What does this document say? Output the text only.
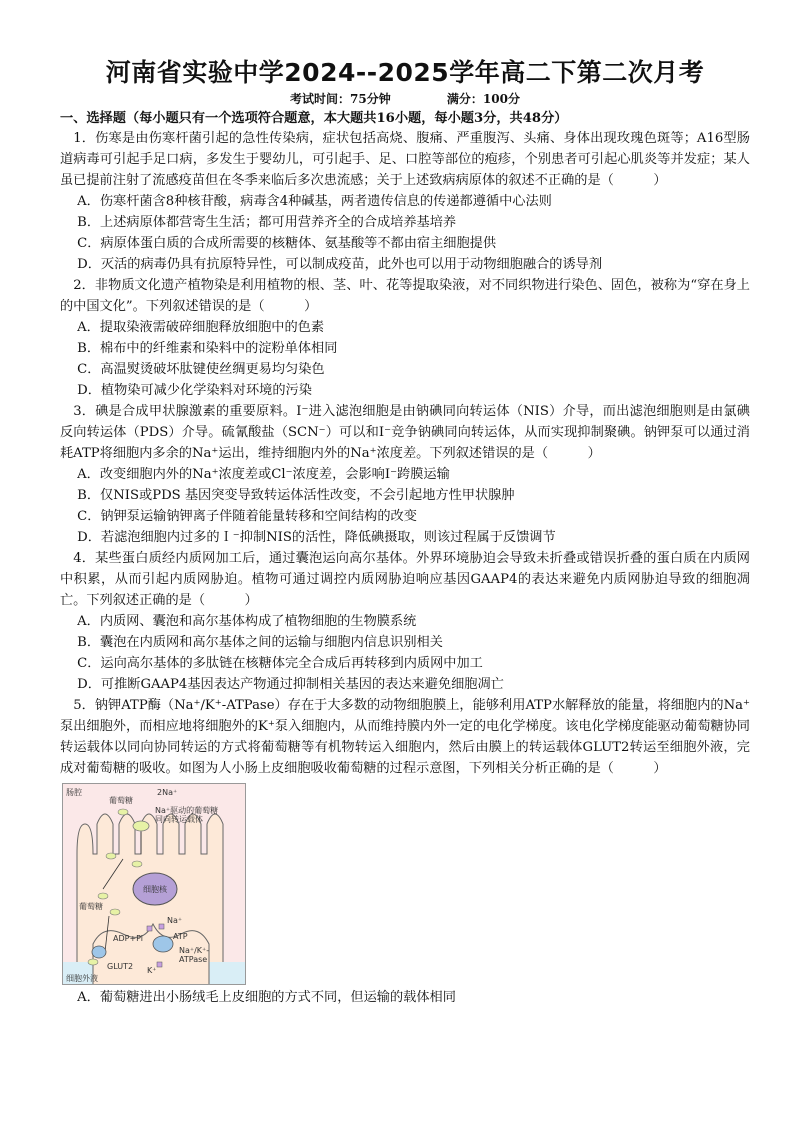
河南省实验中学2024--2025学年高二下第二次月考

考试时间：75分钟	满分：100分

一、选择题（每小题只有一个选项符合题意，本大题共16小题，每小题3分，共48分）

1．伤寒是由伤寒杆菌引起的急性传染病，症状包括高烧、腹痛、严重腹泻、头痛、身体出现玫瑰色斑等；A16型肠道病毒可引起手足口病，多发生于婴幼儿，可引起手、足、口腔等部位的疱疹，个别患者可引起心肌炎等并发症；某人虽已提前注射了流感疫苗但在冬季来临后多次患流感；关于上述致病病原体的叙述不正确的是（　　　）

A．伤寒杆菌含8种核苷酸，病毒含4种碱基，两者遗传信息的传递都遵循中心法则

B．上述病原体都营寄生生活；都可用营养齐全的合成培养基培养

C．病原体蛋白质的合成所需要的核糖体、氨基酸等不都由宿主细胞提供

D．灭活的病毒仍具有抗原特异性，可以制成疫苗，此外也可以用于动物细胞融合的诱导剂

2．非物质文化遗产植物染是利用植物的根、茎、叶、花等提取染液，对不同织物进行染色、固色，被称为“穿在身上的中国文化”。下列叙述错误的是（　　　）

A．提取染液需破碎细胞释放细胞中的色素

B．棉布中的纤维素和染料中的淀粉单体相同

C．高温熨烫破坏肽键使丝绸更易均匀染色

D．植物染可减少化学染料对环境的污染

3．碘是合成甲状腺激素的重要原料。I⁻进入滤泡细胞是由钠碘同向转运体（NIS）介导，而出滤泡细胞则是由氯碘反向转运体（PDS）介导。硫氰酸盐（SCN⁻）可以和I⁻竞争钠碘同向转运体，从而实现抑制聚碘。钠钾泵可以通过消耗ATP将细胞内多余的Na⁺运出，维持细胞内外的Na⁺浓度差。下列叙述错误的是（　　　）

A．改变细胞内外的Na⁺浓度差或Cl⁻浓度差，会影响I⁻跨膜运输

B．仅NIS或PDS 基因突变导致转运体活性改变，不会引起地方性甲状腺肿

C．钠钾泵运输钠钾离子伴随着能量转移和空间结构的改变

D．若滤泡细胞内过多的Ｉ⁻抑制NIS的活性，降低碘摄取，则该过程属于反馈调节

4．某些蛋白质经内质网加工后，通过囊泡运向高尔基体。外界环境胁迫会导致未折叠或错误折叠的蛋白质在内质网中积累，从而引起内质网胁迫。植物可通过调控内质网胁迫响应基因GAAP4的表达来避免内质网胁迫导致的细胞凋亡。下列叙述正确的是（　　　）

A．内质网、囊泡和高尔基体构成了植物细胞的生物膜系统

B．囊泡在内质网和高尔基体之间的运输与细胞内信息识别相关

C．运向高尔基体的多肽链在核糖体完全合成后再转移到内质网中加工

D．可推断GAAP4基因表达产物通过抑制相关基因的表达来避免细胞凋亡

5．钠钾ATP酶（Na⁺/K⁺-ATPase）存在于大多数的动物细胞膜上，能够利用ATP水解释放的能量，将细胞内的Na⁺泵出细胞外，而相应地将细胞外的K⁺泵入细胞内，从而维持膜内外一定的电化学梯度。该电化学梯度能驱动葡萄糖协同转运载体以同向协同转运的方式将葡萄糖等有机物转运入细胞内，然后由膜上的转运载体GLUT2转运至细胞外液，完成对葡萄糖的吸收。如图为人小肠上皮细胞吸收葡萄糖的过程示意图，下列相关分析正确的是（　　　）

肠腔
葡萄糖
2Na⁺
Na⁺驱动的葡萄糖同向转运载体
细胞核
葡萄糖
Na⁺
ADP+Pi	ATP
Na⁺/K⁺-ATPase
GLUT2 K⁺
细胞外液

A．葡萄糖进出小肠绒毛上皮细胞的方式不同，但运输的载体相同
